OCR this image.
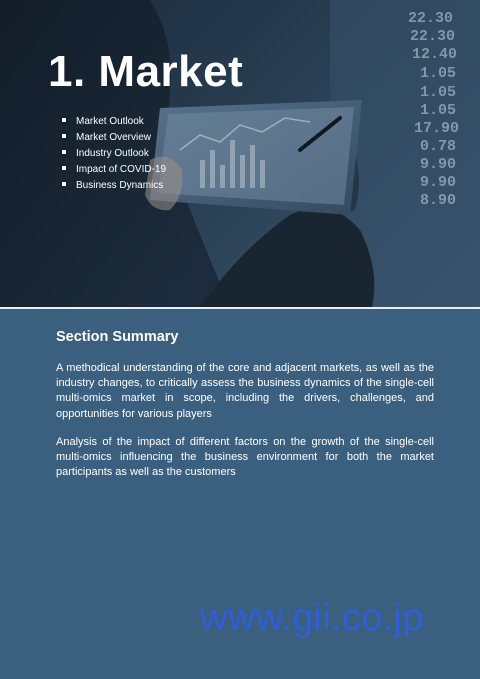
22.30
22.30
12.40
1.05
1.05
1.05
17.90
0.78
9.90
9.90
8.90
1. Market
Market Outlook
Market Overview
Industry Outlook
Impact of COVID-19
Business Dynamics
Section Summary

A methodical understanding of the core and adjacent markets, as well as the industry changes, to critically assess the business dynamics of the single-cell multi-omics market in scope, including the drivers, challenges, and opportunities for various players

Analysis of the impact of different factors on the growth of the single-cell multi-omics influencing the business environment for both the market participants as well as the customers

www.gii.co.jp
